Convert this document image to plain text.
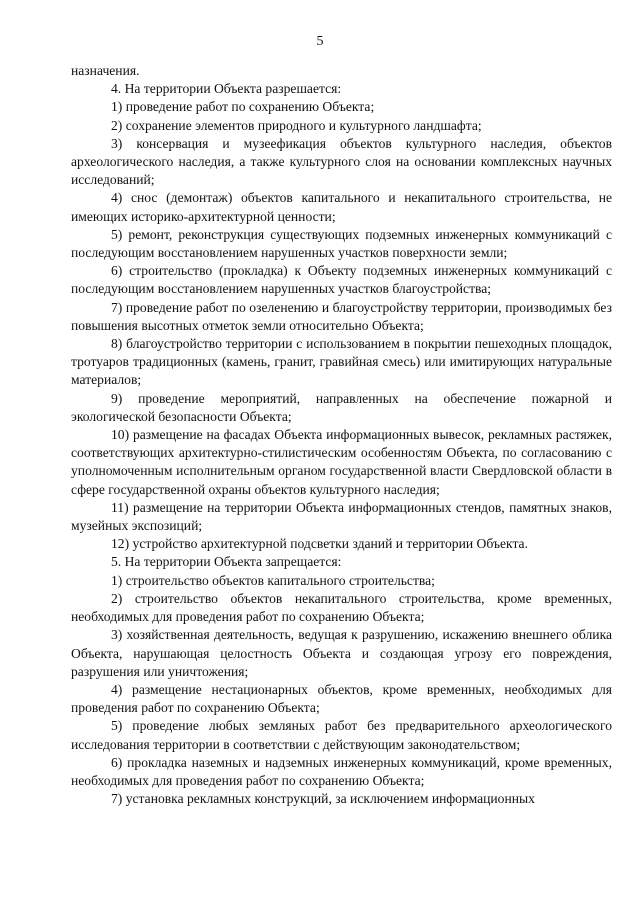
5

назначения.

4. На территории Объекта разрешается:

1) проведение работ по сохранению Объекта;

2) сохранение элементов природного и культурного ландшафта;

3) консервация и музеефикация объектов культурного наследия, объектов археологического наследия, а также культурного слоя на основании комплексных научных исследований;

4) снос (демонтаж) объектов капитального и некапитального строительства, не имеющих историко-архитектурной ценности;

5) ремонт, реконструкция существующих подземных инженерных коммуникаций с последующим восстановлением нарушенных участков поверхности земли;

6) строительство (прокладка) к Объекту подземных инженерных коммуникаций с последующим восстановлением нарушенных участков благоустройства;

7) проведение работ по озеленению и благоустройству территории, производимых без повышения высотных отметок земли относительно Объекта;

8) благоустройство территории с использованием в покрытии пешеходных площадок, тротуаров традиционных (камень, гранит, гравийная смесь) или имитирующих натуральные материалов;

9) проведение мероприятий, направленных на обеспечение пожарной и экологической безопасности Объекта;

10) размещение на фасадах Объекта информационных вывесок, рекламных растяжек, соответствующих архитектурно-стилистическим особенностям Объекта, по согласованию с уполномоченным исполнительным органом государственной власти Свердловской области в сфере государственной охраны объектов культурного наследия;

11) размещение на территории Объекта информационных стендов, памятных знаков, музейных экспозиций;

12) устройство архитектурной подсветки зданий и территории Объекта.

5. На территории Объекта запрещается:

1) строительство объектов капитального строительства;

2) строительство объектов некапитального строительства, кроме временных, необходимых для проведения работ по сохранению Объекта;

3) хозяйственная деятельность, ведущая к разрушению, искажению внешнего облика Объекта, нарушающая целостность Объекта и создающая угрозу его повреждения, разрушения или уничтожения;

4) размещение нестационарных объектов, кроме временных, необходимых для проведения работ по сохранению Объекта;

5) проведение любых земляных работ без предварительного археологического исследования территории в соответствии с действующим законодательством;

6) прокладка наземных и надземных инженерных коммуникаций, кроме временных, необходимых для проведения работ по сохранению Объекта;

7) установка рекламных конструкций, за исключением информационных
